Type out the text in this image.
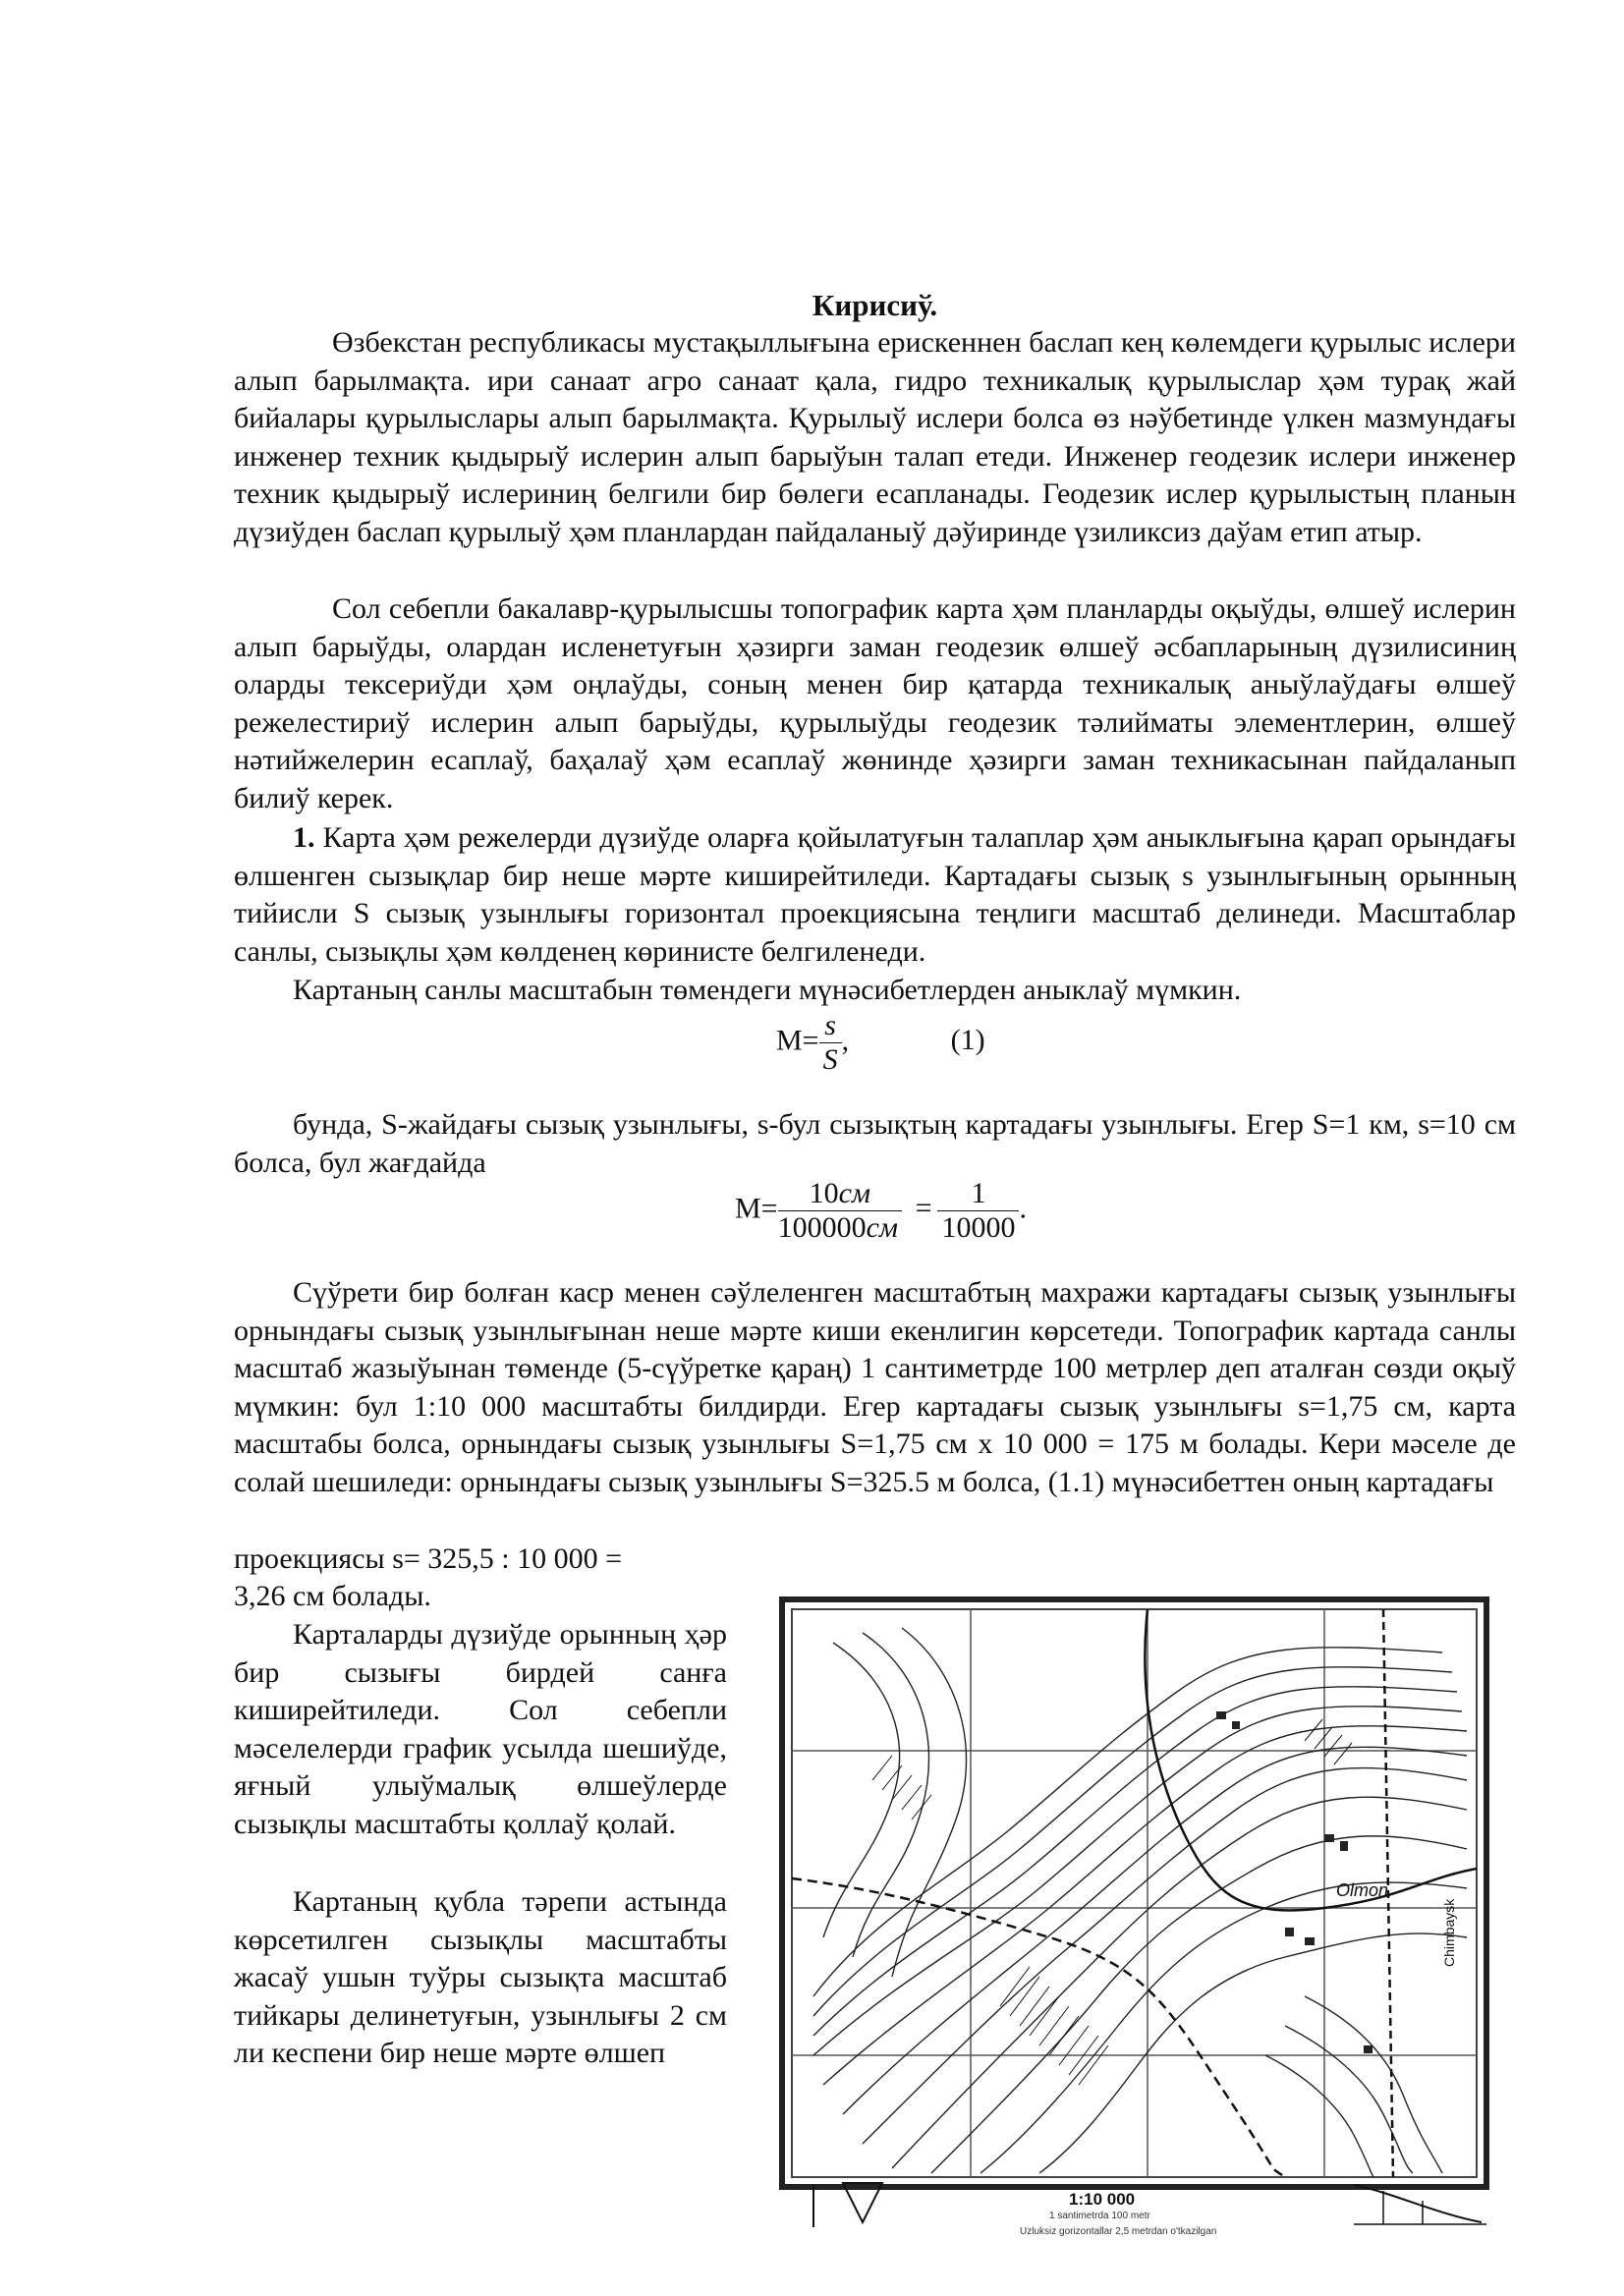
Кирисиў.

Өзбекстан республикасы мустақыллығына ерискеннен баслап кең көлемдеги қурылыс ислери алып барылмақта. ири санаат агро санаат қала, гидро техникалық қурылыслар ҳәм турақ жай бийалары қурылыслары алып барылмақта. Қурылыў ислери болса өз нәўбетинде үлкен мазмундағы инженер техник қыдырыў ислерин алып барыўын талап етеди. Инженер геодезик ислери инженер техник қыдырыў ислериниң белгили бир бөлеги есапланады. Геодезик ислер қурылыстың планын дүзиўден баслап қурылыў ҳәм планлардан пайдаланыў дәўиринде үзиликсиз даўам етип атыр.

Сол себепли бакалавр-қурылысшы топографик карта ҳәм планларды оқыўды, өлшеў ислерин алып барыўды, олардан исленетуғын ҳәзирги заман геодезик өлшеў әсбапларының дүзилисиниң оларды тексериўди ҳәм оңлаўды, соның менен бир қатарда техникалық аныўлаўдағы өлшеў режелестириў ислерин алып барыўды, қурылыўды геодезик тәлийматы элементлерин, өлшеў нәтийжелерин есаплаў, баҳалаў ҳәм есаплаў жөнинде ҳәзирги заман техникасынан пайдаланып билиў керек.

1. Карта ҳәм режелерди дүзиўде оларға қойылатуғын талаплар ҳәм аныклығына қарап орындағы өлшенген сызықлар бир неше мәрте киширейтиледи. Картадағы сызық s узынлығының орынның тийисли S сызық узынлығы горизонтал проекциясына теңлиги масштаб делинеди. Масштаблар санлы, сызықлы ҳәм көлденең көринисте белгиленеди.

Картаның санлы масштабын төмендеги мүнәсибетлерден аныклаў мүмкин.

$M= \frac{s}{S}$ ,	(1)

бунда, S-жайдағы сызық узынлығы, s-бул сызықтың картадағы узынлығы. Егер S=1 км, s=10 см болса, бул жағдайда

$M= \frac{10см}{100000см} = \frac{1}{10000}$ .

Сүўрети бир болған каср менен сәўлеленген масштабтың махражи картадағы сызық узынлығы орнындағы сызық узынлығынан неше мәрте киши екенлигин көрсетеди. Топографик картада санлы масштаб жазыўынан төменде (5-сүўретке қараң) 1 сантиметрде 100 метрлер деп аталған сөзди оқыў мүмкин: бул 1:10 000 масштабты билдирди. Егер картадағы сызық узынлығы s=1,75 см, карта масштабы болса, орнындағы сызық узынлығы S=1,75 см х 10 000 = 175 м болады. Кери мәселе де солай шешиледи: орнындағы сызық узынлығы S=325.5 м болса, (1.1) мүнәсибеттен оның картадағы

проекциясы s= 325,5 : 10 000 =

3,26 см болады.

Карталарды дүзиўде орынның ҳәр бир сызығы бирдей санға киширейтиледи. Сол себепли мәселелерди график усылда шешиўде, яғный улыўмалық өлшеўлерде сызықлы масштабты қоллаў қолай.

Картаның қубла тәрепи астында көрсетилген сызықлы масштабты жасаў ушын туўры сызықта масштаб тийкары делинетуғын, узынлығы 2 см ли кеспени бир неше мәрте өлшеп

Olmon
Chimbaysk
1:10 000
1 santimetrda 100 metr
Uzluksiz gorizontallar 2,5 metrdan o'tkazilgan
